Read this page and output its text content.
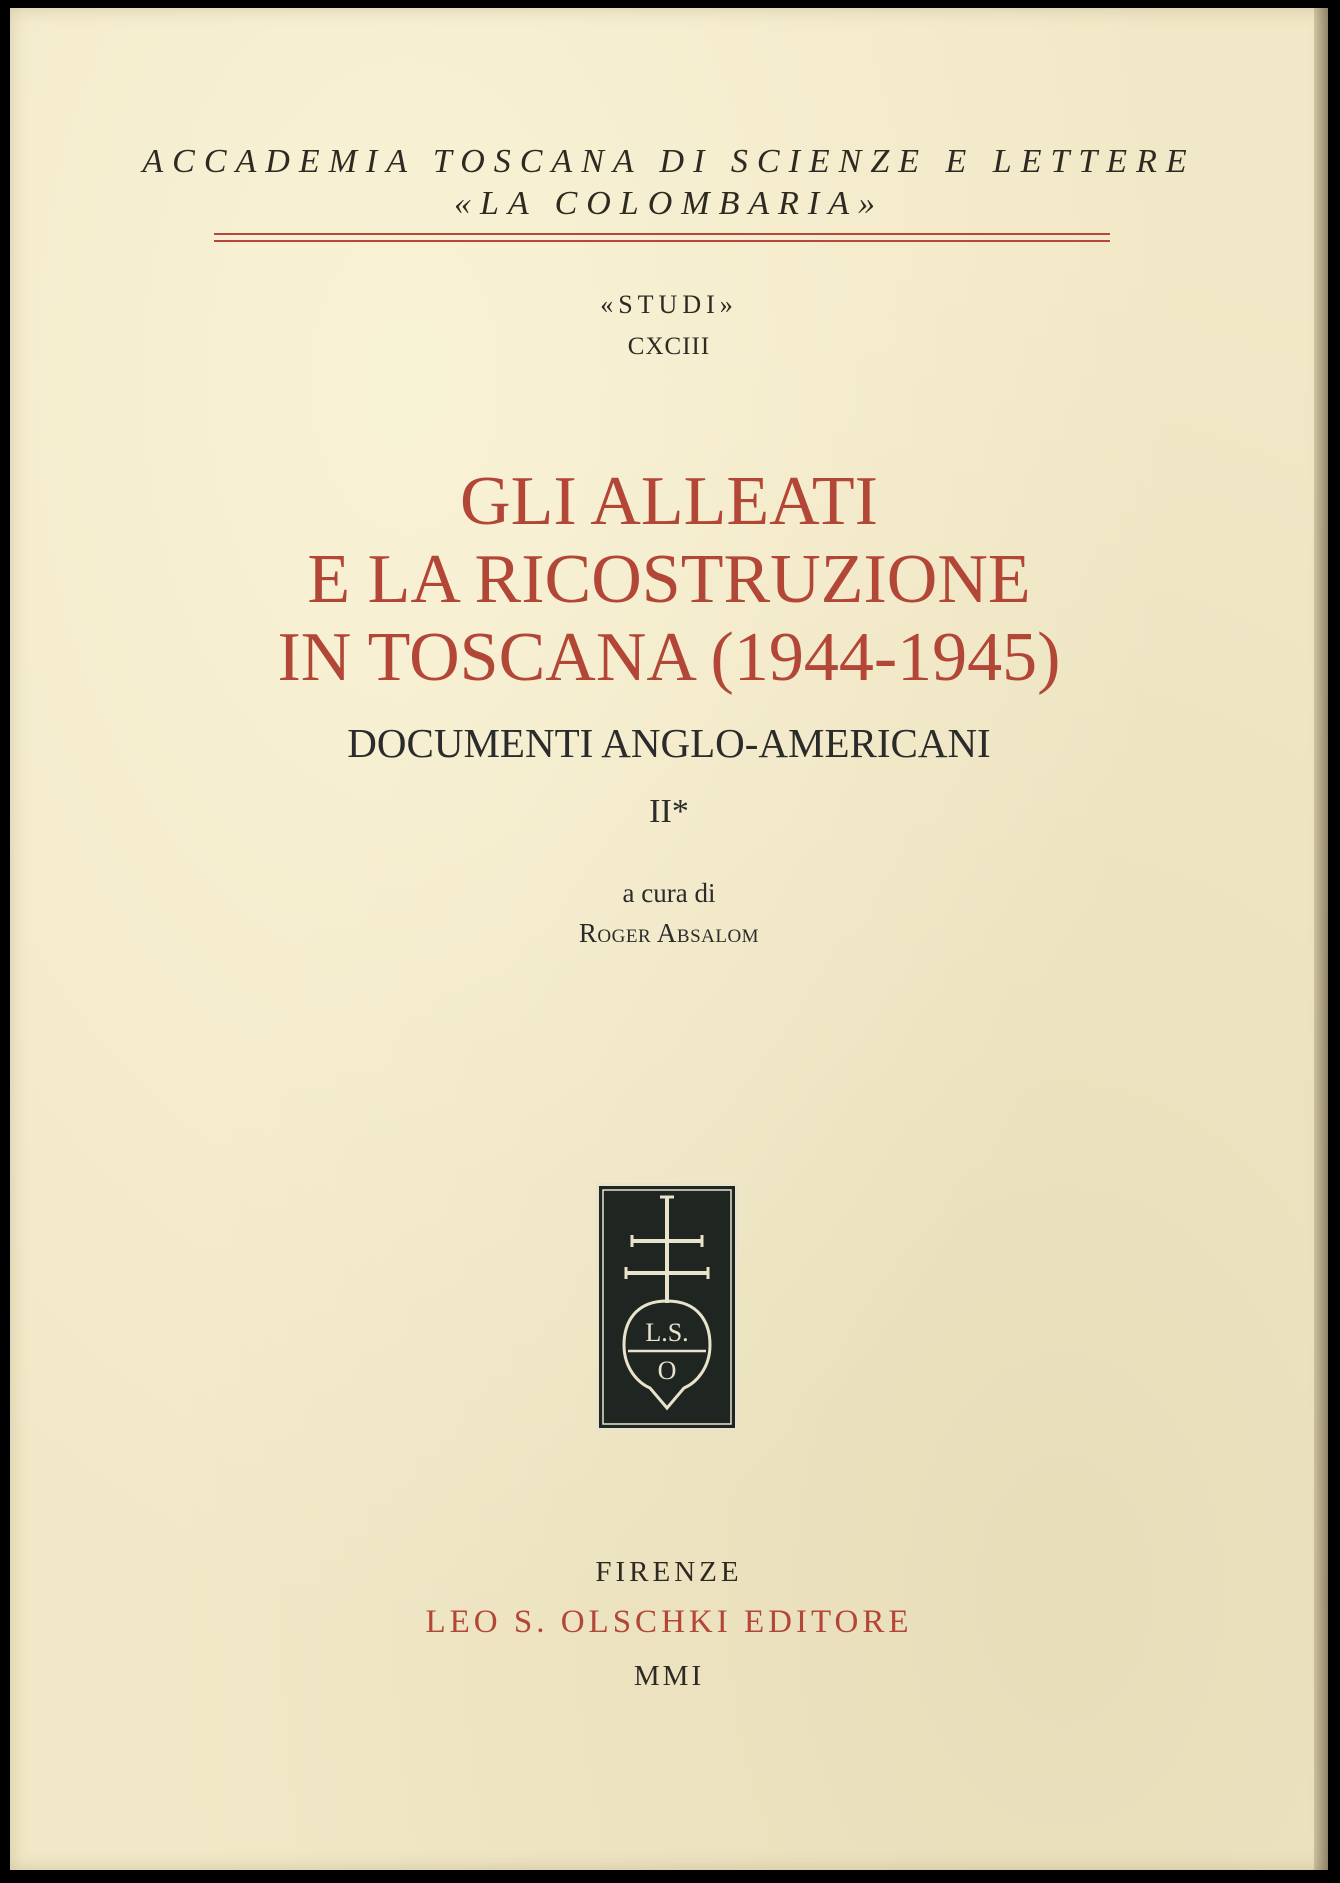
ACCADEMIA TOSCANA DI SCIENZE E LETTERE
«LA COLOMBARIA»
«STUDI»
CXCIII
GLI ALLEATI
E LA RICOSTRUZIONE
IN TOSCANA (1944-1945)
DOCUMENTI ANGLO-AMERICANI
II*
a cura di
Roger Absalom
L.S.
O
FIRENZE
LEO S. OLSCHKI EDITORE
MMI
